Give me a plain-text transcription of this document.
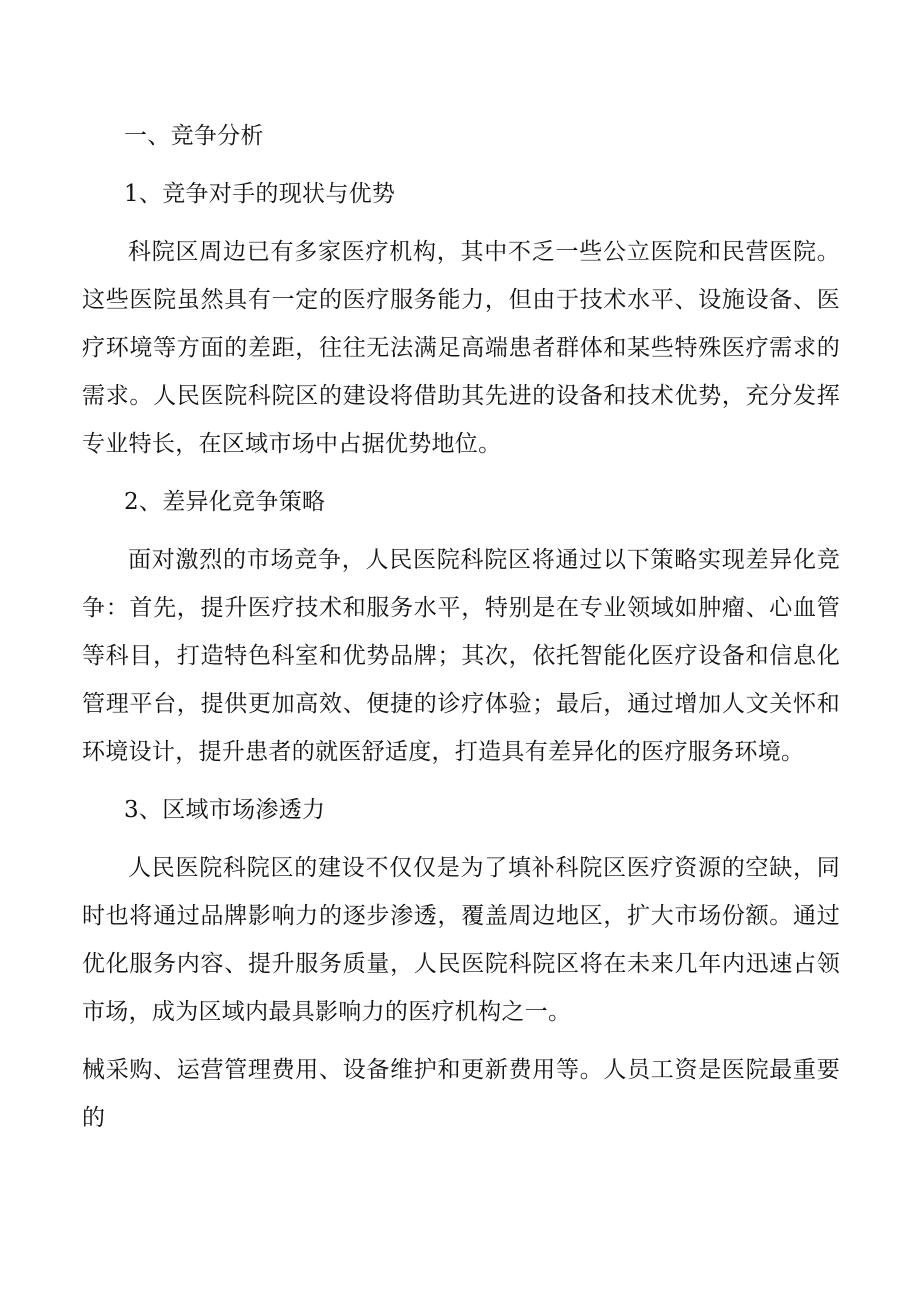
一、竞争分析

1、竞争对手的现状与优势

科院区周边已有多家医疗机构，其中不乏一些公立医院和民营医院。这些医院虽然具有一定的医疗服务能力，但由于技术水平、设施设备、医疗环境等方面的差距，往往无法满足高端患者群体和某些特殊医疗需求的需求。人民医院科院区的建设将借助其先进的设备和技术优势，充分发挥专业特长，在区域市场中占据优势地位。

2、差异化竞争策略

面对激烈的市场竞争，人民医院科院区将通过以下策略实现差异化竞争：首先，提升医疗技术和服务水平，特别是在专业领域如肿瘤、心血管等科目，打造特色科室和优势品牌；其次，依托智能化医疗设备和信息化管理平台，提供更加高效、便捷的诊疗体验；最后，通过增加人文关怀和环境设计，提升患者的就医舒适度，打造具有差异化的医疗服务环境。

3、区域市场渗透力

人民医院科院区的建设不仅仅是为了填补科院区医疗资源的空缺，同时也将通过品牌影响力的逐步渗透，覆盖周边地区，扩大市场份额。通过优化服务内容、提升服务质量，人民医院科院区将在未来几年内迅速占领市场，成为区域内最具影响力的医疗机构之一。

械采购、运营管理费用、设备维护和更新费用等。人员工资是医院最重要的
